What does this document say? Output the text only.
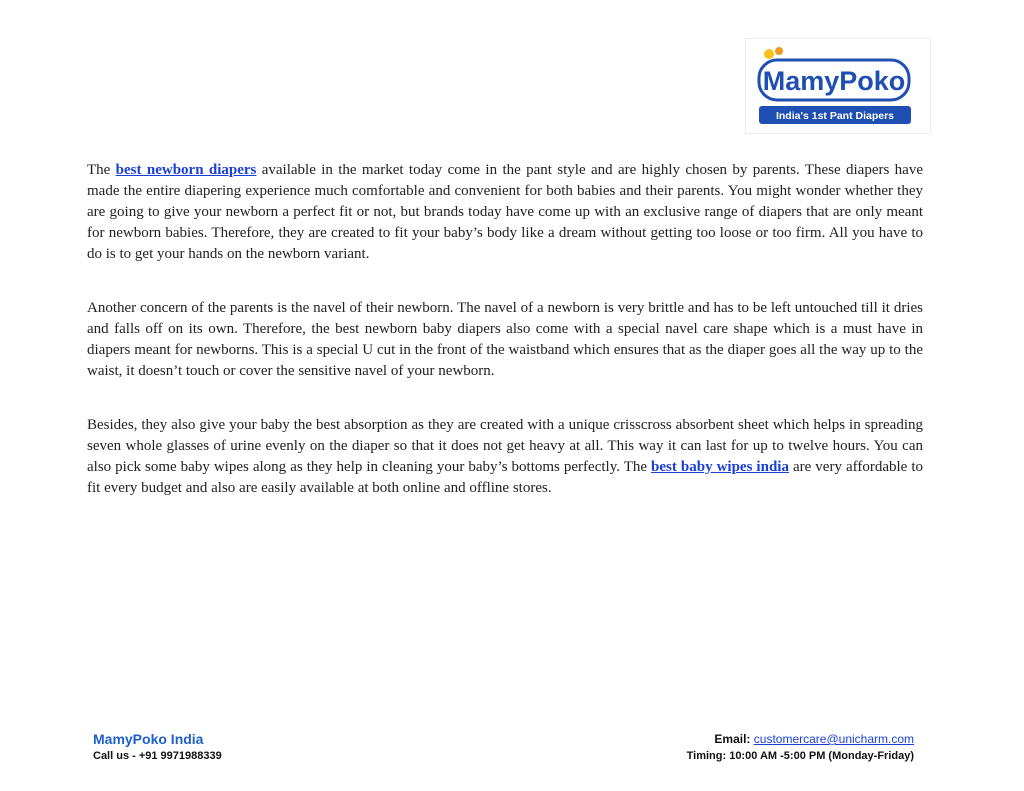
MamyPoko
India's 1st Pant Diapers

The best newborn diapers available in the market today come in the pant style and are highly chosen by parents. These diapers have made the entire diapering experience much comfortable and convenient for both babies and their parents. You might wonder whether they are going to give your newborn a perfect fit or not, but brands today have come up with an exclusive range of diapers that are only meant for newborn babies. Therefore, they are created to fit your baby’s body like a dream without getting too loose or too firm. All you have to do is to get your hands on the newborn variant.

Another concern of the parents is the navel of their newborn. The navel of a newborn is very brittle and has to be left untouched till it dries and falls off on its own. Therefore, the best newborn baby diapers also come with a special navel care shape which is a must have in diapers meant for newborns. This is a special U cut in the front of the waistband which ensures that as the diaper goes all the way up to the waist, it doesn’t touch or cover the sensitive navel of your newborn.

Besides, they also give your baby the best absorption as they are created with a unique crisscross absorbent sheet which helps in spreading seven whole glasses of urine evenly on the diaper so that it does not get heavy at all. This way it can last for up to twelve hours. You can also pick some baby wipes along as they help in cleaning your baby’s bottoms perfectly. The best baby wipes india are very affordable to fit every budget and also are easily available at both online and offline stores.

MamyPoko India
Call us - +91 9971988339
Email: customercare@unicharm.com
Timing: 10:00 AM -5:00 PM (Monday-Friday)
